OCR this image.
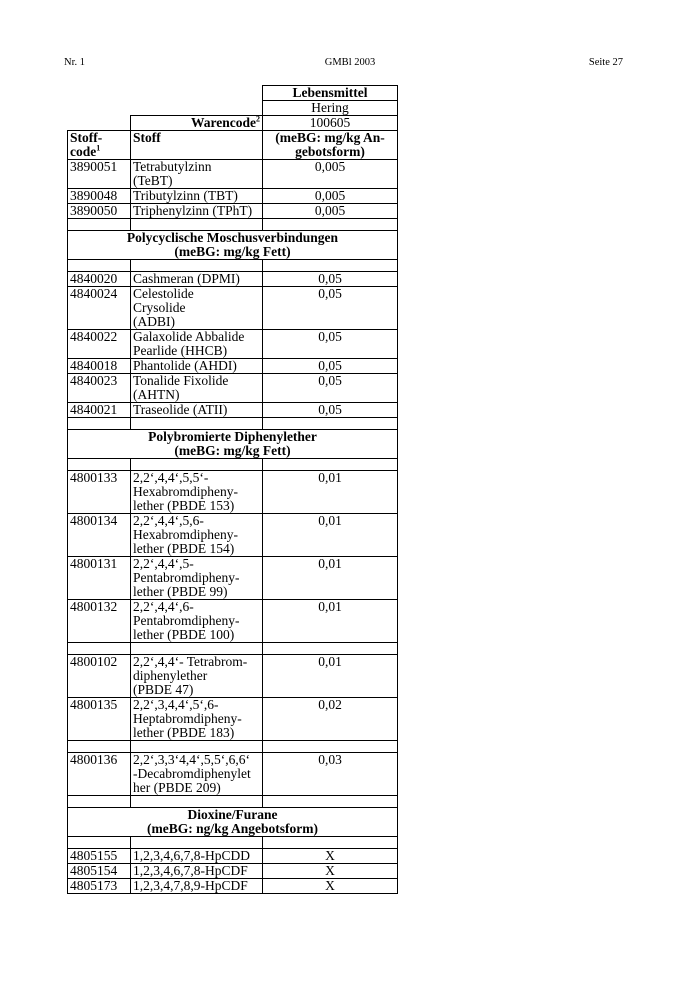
Nr. 1	GMBl 2003	Seite 27
		Lebensmittel
		Hering
	Warencode$^2$	100605
Stoff-
code$^1$	Stoff	(meBG: mg/kg An-
gebotsform)
3890051	Tetrabutylzinn
(TeBT)	0,005
3890048	Tributylzinn (TBT)	0,005
3890050	Triphenylzinn (TPhT)	0,005

Polycyclische Moschusverbindungen
(meBG: mg/kg Fett)		

4840020	Cashmeran (DPMI)	0,05
4840024	Celestolide
Crysolide
(ADBI)	0,05
4840022	Galaxolide Abbalide
Pearlide (HHCB)	0,05
4840018	Phantolide (AHDI)	0,05
4840023	Tonalide Fixolide
(AHTN)	0,05
4840021	Traseolide (ATII)	0,05

Polybromierte Diphenylether
(meBG: mg/kg Fett)		

4800133	2,2‘,4,4‘,5,5‘-
Hexabromdipheny-
lether (PBDE 153)	0,01
4800134	2,2‘,4,4‘,5,6-
Hexabromdipheny-
lether (PBDE 154)	0,01
4800131	2,2‘,4,4‘,5-
Pentabromdipheny-
lether (PBDE 99)	0,01
4800132	2,2‘,4,4‘,6-
Pentabromdipheny-
lether (PBDE 100)	0,01

4800102	2,2‘,4,4‘- Tetrabrom-
diphenylether
(PBDE 47)	0,01
4800135	2,2‘,3,4,4‘,5‘,6-
Heptabromdipheny-
lether (PBDE 183)	0,02

4800136	2,2‘,3,3‘4,4‘,5,5‘,6,6‘
-Decabromdiphenylet
her (PBDE 209)	0,03

Dioxine/Furane
(meBG: ng/kg Angebotsform)		

4805155	1,2,3,4,6,7,8-HpCDD	X
4805154	1,2,3,4,6,7,8-HpCDF	X
4805173	1,2,3,4,7,8,9-HpCDF	X
